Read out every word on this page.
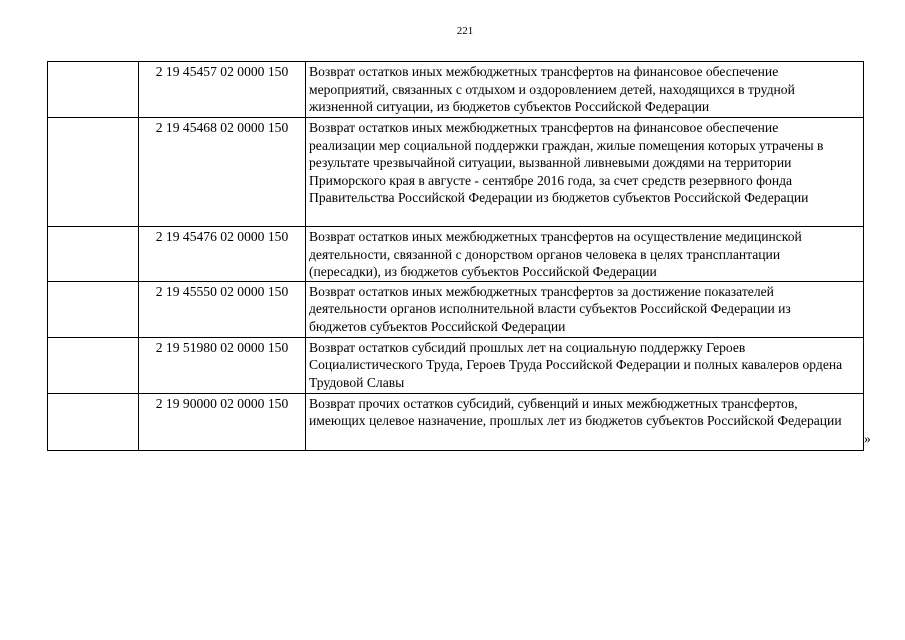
221
	2 19 45457 02 0000 150	Возврат остатков иных межбюджетных трансфертов на финансовое обеспечение
мероприятий, связанных с отдыхом и оздоровлением детей, находящихся в трудной
жизненной ситуации, из бюджетов субъектов Российской Федерации

	2 19 45468 02 0000 150	Возврат остатков иных межбюджетных трансфертов на финансовое обеспечение
реализации мер социальной поддержки граждан, жилые помещения которых утрачены в
результате чрезвычайной ситуации, вызванной ливневыми дождями на территории
Приморского края в августе - сентябре 2016 года, за счет средств резервного фонда
Правительства Российской Федерации из бюджетов субъектов Российской Федерации

	2 19 45476 02 0000 150	Возврат остатков иных межбюджетных трансфертов на осуществление медицинской
деятельности, связанной с донорством органов человека в целях трансплантации
(пересадки), из бюджетов субъектов Российской Федерации

	2 19 45550 02 0000 150	Возврат остатков иных межбюджетных трансфертов за достижение показателей
деятельности органов исполнительной власти субъектов Российской Федерации из
бюджетов субъектов Российской Федерации

	2 19 51980 02 0000 150	Возврат остатков субсидий прошлых лет на социальную поддержку Героев
Социалистического Труда, Героев Труда Российской Федерации и полных кавалеров ордена
Трудовой Славы

	2 19 90000 02 0000 150	Возврат прочих остатков субсидий, субвенций и иных межбюджетных трансфертов,
имеющих целевое назначение, прошлых лет из бюджетов субъектов Российской Федерации
»
